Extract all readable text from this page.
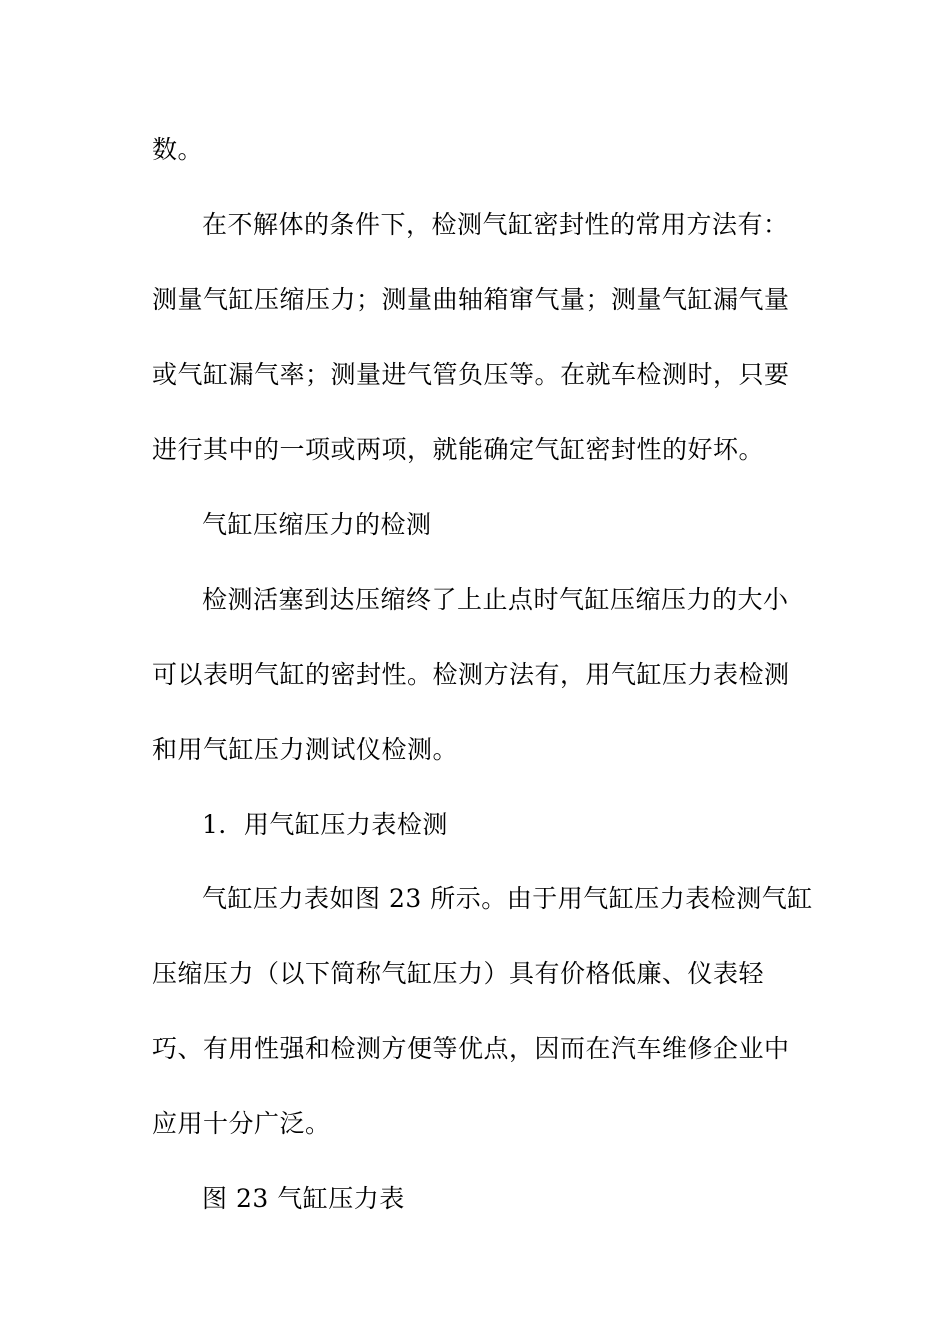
数。
在不解体的条件下，检测气缸密封性的常用方法有：
测量气缸压缩压力；测量曲轴箱窜气量；测量气缸漏气量
或气缸漏气率；测量进气管负压等。在就车检测时，只要
进行其中的一项或两项，就能确定气缸密封性的好坏。
气缸压缩压力的检测
检测活塞到达压缩终了上止点时气缸压缩压力的大小
可以表明气缸的密封性。检测方法有，用气缸压力表检测
和用气缸压力测试仪检测。
1．用气缸压力表检测
气缸压力表如图 23 所示。由于用气缸压力表检测气缸
压缩压力（以下简称气缸压力）具有价格低廉、仪表轻
巧、有用性强和检测方便等优点，因而在汽车维修企业中
应用十分广泛。
图 23 气缸压力表
